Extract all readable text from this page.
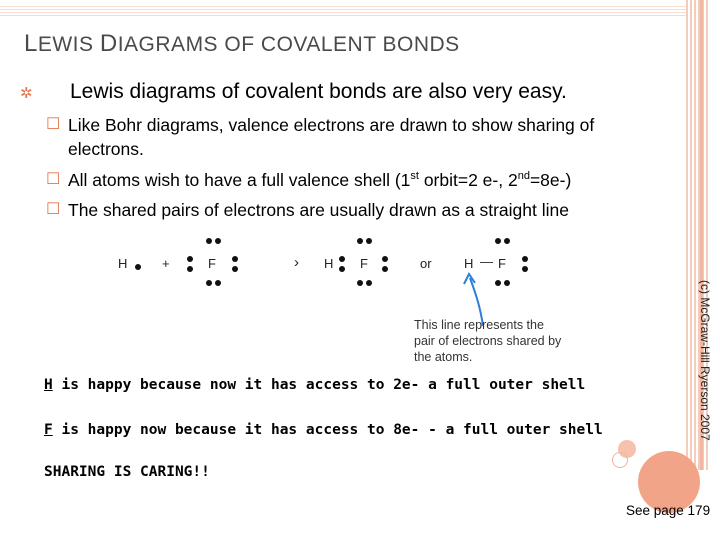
LEWIS DIAGRAMS OF COVALENT BONDS
✲ Lewis diagrams of covalent bonds are also very easy.
☐ Like Bohr diagrams, valence electrons are drawn to show sharing of
electrons.
☐ All atoms wish to have a full valence shell (1st orbit=2 e-, 2nd=8e-)
☐ The shared pairs of electrons are usually drawn as a straight line
H	+	F	› H F	or H — F
This line represents the pair of electrons shared by the atoms.
H is happy because now it has access to 2e- a full outer shell
F is happy now because it has access to 8e- - a full outer shell
SHARING IS CARING!!
(c) McGraw-Hill Ryerson 2007
See page 179
